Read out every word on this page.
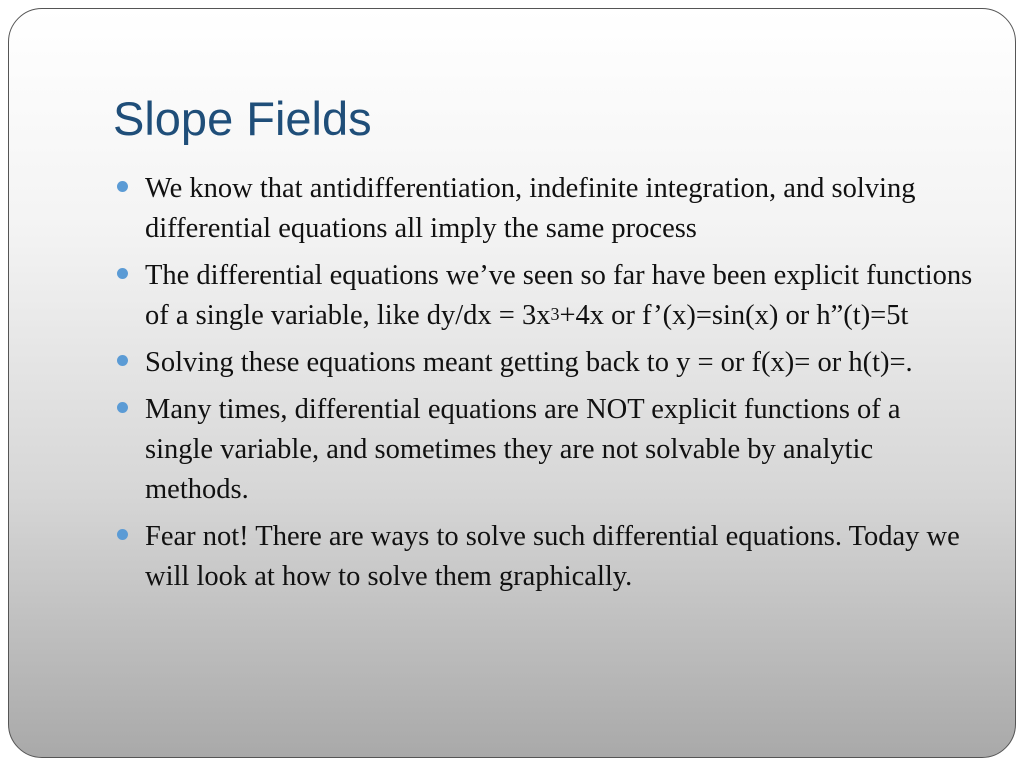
Slope Fields
We know that antidifferentiation, indefinite integration, and solving differential equations all imply the same process
The differential equations we’ve seen so far have been explicit functions of a single variable, like $dy/dx = 3x^3+4x$ or f’(x)=sin(x) or h”(t)=5t
Solving these equations meant getting back to y = or f(x)= or h(t)=.
Many times, differential equations are NOT explicit functions of a single variable, and sometimes they are not solvable by analytic methods.
Fear not! There are ways to solve such differential equations. Today we will look at how to solve them graphically.
